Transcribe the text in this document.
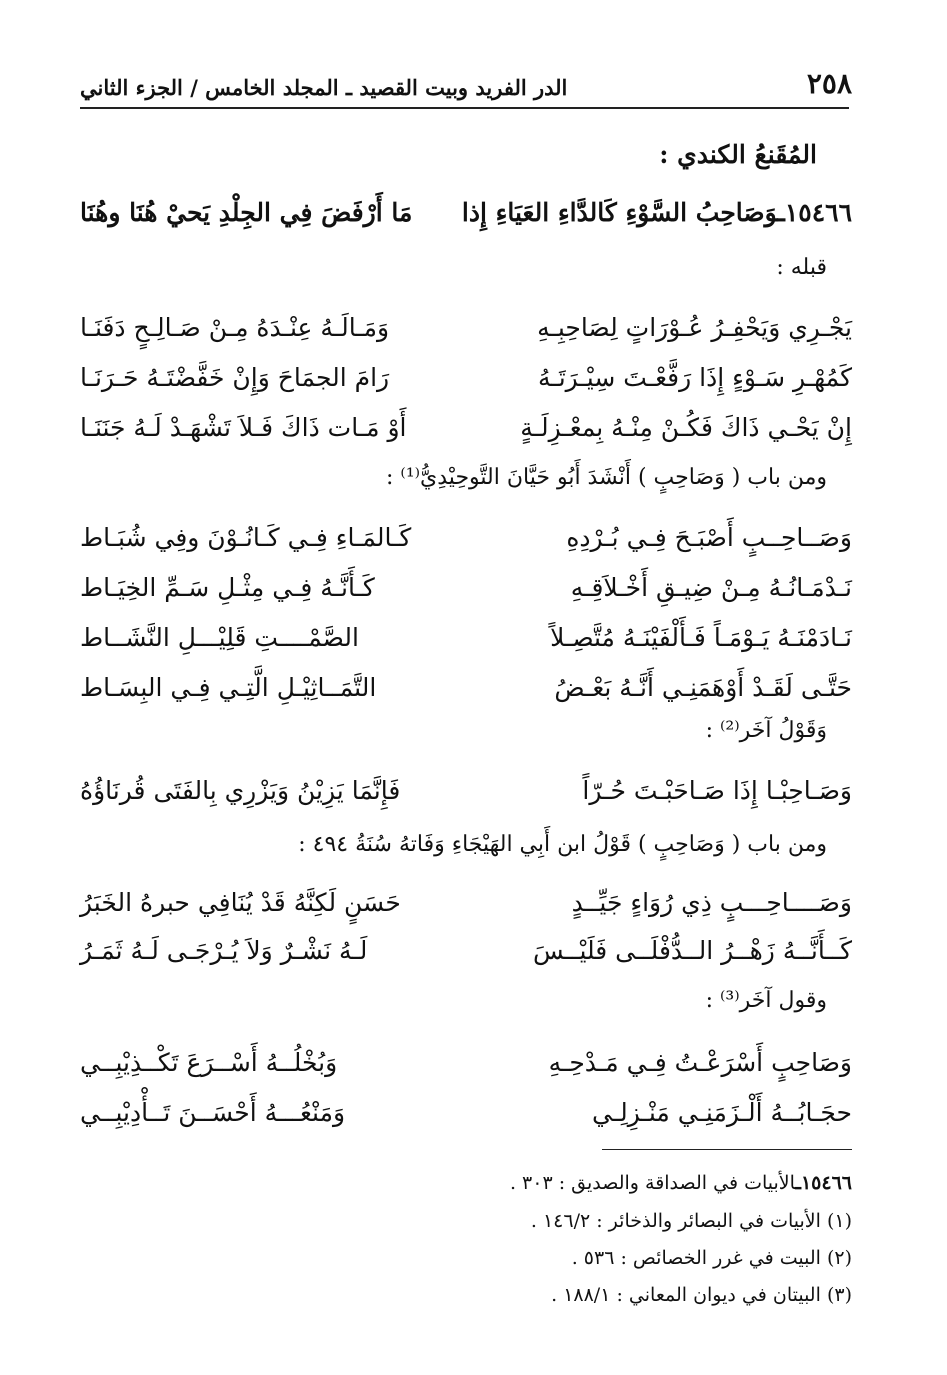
٢٥٨
الدر الفريد وبيت القصيد ـ المجلد الخامس / الجزء الثاني
المُقَنعُ الكندي :
١٥٤٦٦ـوَصَاحِبُ السَّوْءِ كَالدَّاءِ العَيَاءِ إِذا
مَا أَرْفَضَ فِي الجِلْدِ يَحيْ هُنَا وهُنَا
قبله :
يَجْـرِي وَيَحْفِـرُ عُـوْرَاتٍ لِصَاحِبِـهِ
وَمَـالَـهُ عِنْـدَهُ مِـنْ صَـالِـحٍ دَفَنَـا
كَمُهْـرِ سَـوْءٍ إِذَا رَفَّعْـتَ سِيْـرَتَـهُ
رَامَ الجمَاحَ وَإِنْ خَفَّضْتَـهُ حَـرَنَـا
إِنْ يَحْـي ذَاكَ فَكُـنْ مِنْـهُ بِمعْـزِلَـةٍ
أَوْ مَـات ذَاكَ فَـلاَ تَشْهَـدْ لَـهُ جَنَنَـا
ومن باب ( وَصَاحِبٍ ) أَنْشَدَ أَبُو حَيَّانَ التَّوحِيْدِيُّ⁽¹⁾ :
وَصَــاحِــبٍ أَصْبَـحَ فِـي بُـرْدِهِ
كَـالمَـاءِ فِـي كَـانُـوْنَ وفِي شُبَـاط
نَـدْمَـانُـهُ مِـنْ ضِيـقِ أَخْـلاَقِـهِ
كَـأَنَّـهُ فِـي مِثْـلِ سَـمِّ الخِيَـاط
نَـادَمْنَـهُ يَـوْمَـاً فَـأَلْفَيْنَـهُ مُتَّصِـلاً
الصَّمْــــتِ قَلِيْـــلِ النَّشَــاط
حَتَّـى لَقَـدْ أَوْهَمَنِـي أَنَّـهُ بَعْـضُ
التَّمَــاثِيْـلِ الَّتِـي فِـي البِسَـاط
وَقَوْلُ آخَر⁽²⁾ :
وَصَـاحِبْـا إِذَا صَـاحَبْـتَ حُـرّاً
فَإِنَّمَا يَزِيْنُ وَيَزْرِي بِالفَتَى قُرنَاؤُهُ
ومن باب ( وَصَاحِبٍ ) قَوْلُ ابن أَبِي الهَيْجَاءِ وَفَاتهُ سُنَةُ ٤٩٤ :
وَصَــــاحِـــبٍ ذِي رُوَاءٍ جَيِّــدٍ
حَسَنٍ لَكِنَّهُ قَدْ يُنَافِي حبرهُ الخَبَرُ
كَــأَنَّــهُ زَهْــرُ الــدُّفْلَــى فَلَيْــسَ
لَـهُ نَشْـرٌ وَلاَ يُـرْجَـى لَـهُ ثَمَـرُ
وقول آخَر⁽³⁾ :
وَصَاحِبٍ أَسْرَعْـتُ فِـي مَـدْحِـهِ
وَبُخْلُــهُ أَسْــرَعَ تَكْــذِيْبِــي
حجَـابُــهُ أَلْـزَمَنِـي مَنْـزِلِـي
وَمَنْعُـــهُ أَحْسَــنَ تَــأْدِيْبِــي
١٥٤٦٦ـالأبيات في الصداقة والصديق : ٣٠٣ .
(١) الأبيات في البصائر والذخائر : ١٤٦/٢ .
(٢) البيت في غرر الخصائص : ٥٣٦ .
(٣) البيتان في ديوان المعاني : ١٨٨/١ .
